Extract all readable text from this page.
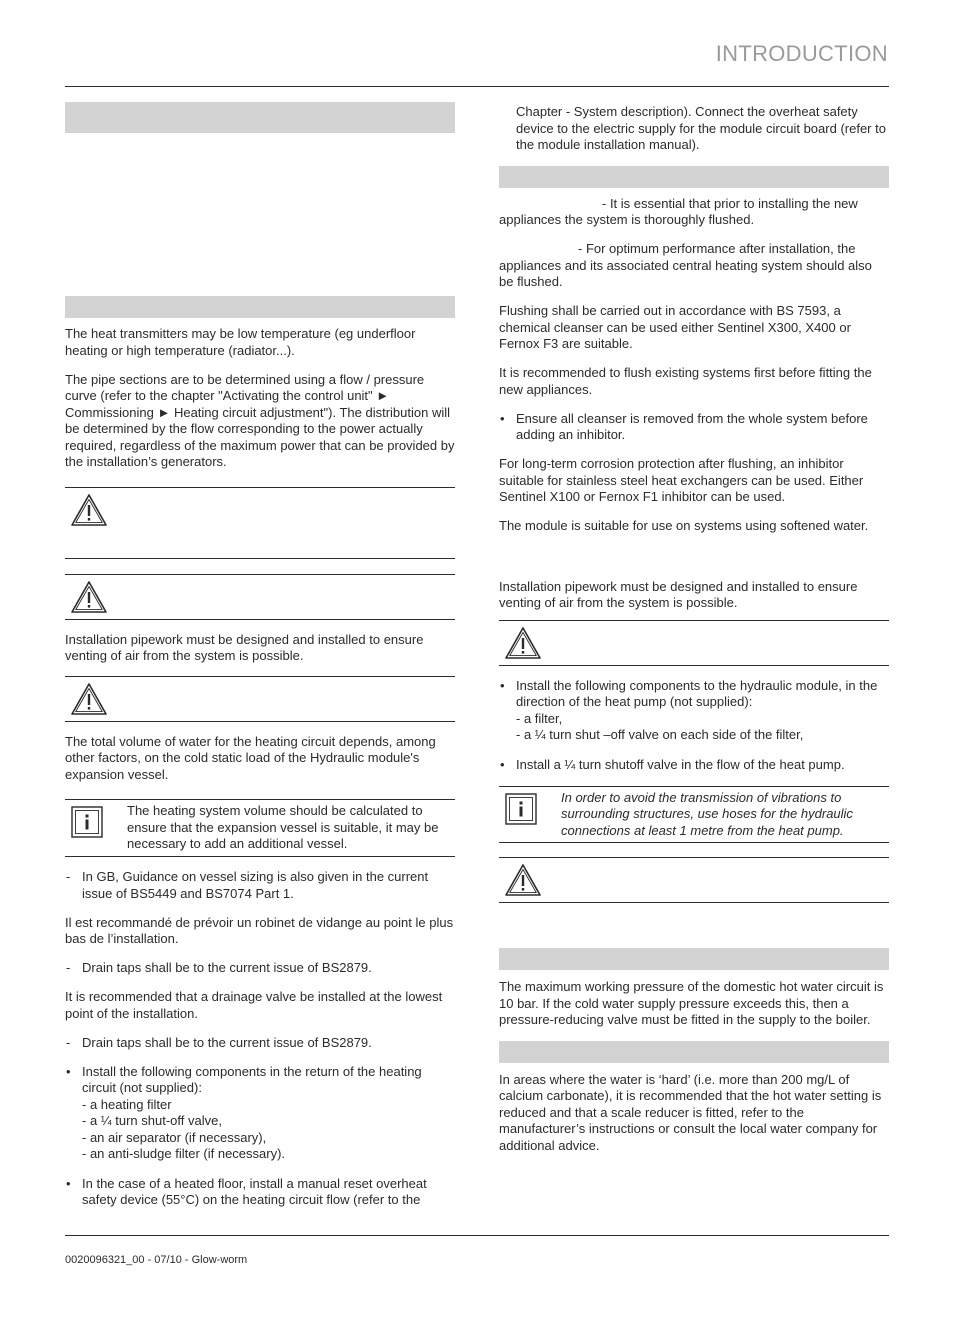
INTRODUCTION

The heat transmitters may be low temperature (eg underfloor heating or high temperature (radiator...).

The pipe sections are to be determined using a flow / pressure curve (refer to the chapter "Activating the control unit" ► Commissioning ► Heating circuit adjustment"). The distribution will be determined by the flow corresponding to the power actually required, regardless of the maximum power that can be provided by the installation’s generators.

Installation pipework must be designed and installed to ensure venting of air from the system is possible.

The total volume of water for the heating circuit depends, among other factors, on the cold static load of the Hydraulic module's expansion vessel.

The heating system volume should be calculated to ensure that the expansion vessel is suitable, it may be necessary to add an additional vessel.
- In GB, Guidance on vessel sizing is also given in the current issue of BS5449 and BS7074 Part 1.

Il est recommandé de prévoir un robinet de vidange au point le plus bas de l’installation.

- Drain taps shall be to the current issue of BS2879.

It is recommended that a drainage valve be installed at the lowest point of the installation.

- Drain taps shall be to the current issue of BS2879.
• Install the following components in the return of the heating circuit (not supplied):
- a heating filter
- a ¼ turn shut-off valve,
- an air separator (if necessary),
- an anti-sludge filter (if necessary).
• In the case of a heated floor, install a manual reset overheat safety device (55°C) on the heating circuit flow (refer to the

Chapter - System description). Connect the overheat safety device to the electric supply for the module circuit board (refer to the module installation manual).

- It is essential that prior to installing the new appliances the system is thoroughly flushed.

- For optimum performance after installation, the appliances and its associated central heating system should also be flushed.

Flushing shall be carried out in accordance with BS 7593, a chemical cleanser can be used either Sentinel X300, X400 or Fernox F3 are suitable.

It is recommended to flush existing systems first before fitting the new appliances.

• Ensure all cleanser is removed from the whole system before adding an inhibitor.

For long-term corrosion protection after flushing, an inhibitor suitable for stainless steel heat exchangers can be used. Either Sentinel X100 or Fernox F1 inhibitor can be used.

The module is suitable for use on systems using softened water.

Installation pipework must be designed and installed to ensure venting of air from the system is possible.

• Install the following components to the hydraulic module, in the direction of the heat pump (not supplied):
- a filter,
- a ¼ turn shut –off valve on each side of the filter,
• Install a ¼ turn shutoff valve in the flow of the heat pump.
In order to avoid the transmission of vibrations to surrounding structures, use hoses for the hydraulic connections at least 1 metre from the heat pump.

The maximum working pressure of the domestic hot water circuit is 10 bar. If the cold water supply pressure exceeds this, then a pressure-reducing valve must be fitted in the supply to the boiler.

In areas where the water is ‘hard’ (i.e. more than 200 mg/L of calcium carbonate), it is recommended that the hot water setting is reduced and that a scale reducer is fitted, refer to the manufacturer’s instructions or consult the local water company for additional advice.

0020096321_00 - 07/10 - Glow-worm
